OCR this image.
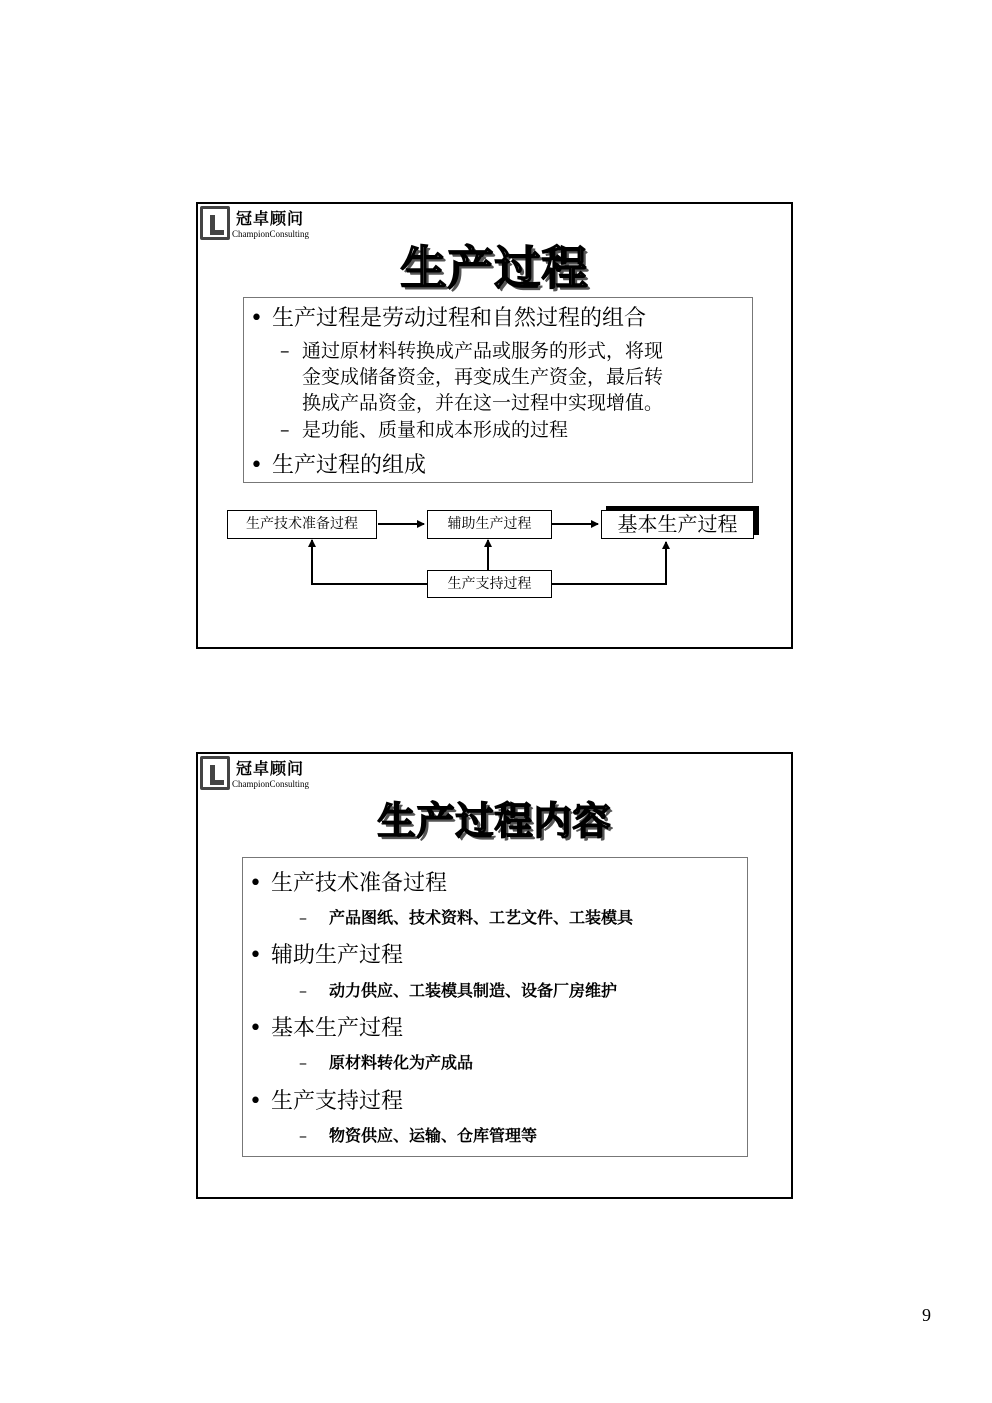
冠卓顾问
ChampionConsulting
生产过程
• 生产过程是劳动过程和自然过程的组合
– 通过原材料转换成产品或服务的形式，将现
金变成储备资金，再变成生产资金，最后转
换成产品资金，并在这一过程中实现增值。
– 是功能、质量和成本形成的过程
• 生产过程的组成
生产技术准备过程	辅助生产过程	基本生产过程
生产支持过程
冠卓顾问
ChampionConsulting
生产过程内容
• 生产技术准备过程
– 产品图纸、技术资料、工艺文件、工装模具
• 辅助生产过程
– 动力供应、工装模具制造、设备厂房维护
• 基本生产过程
– 原材料转化为产成品
• 生产支持过程
– 物资供应、运输、仓库管理等
9
